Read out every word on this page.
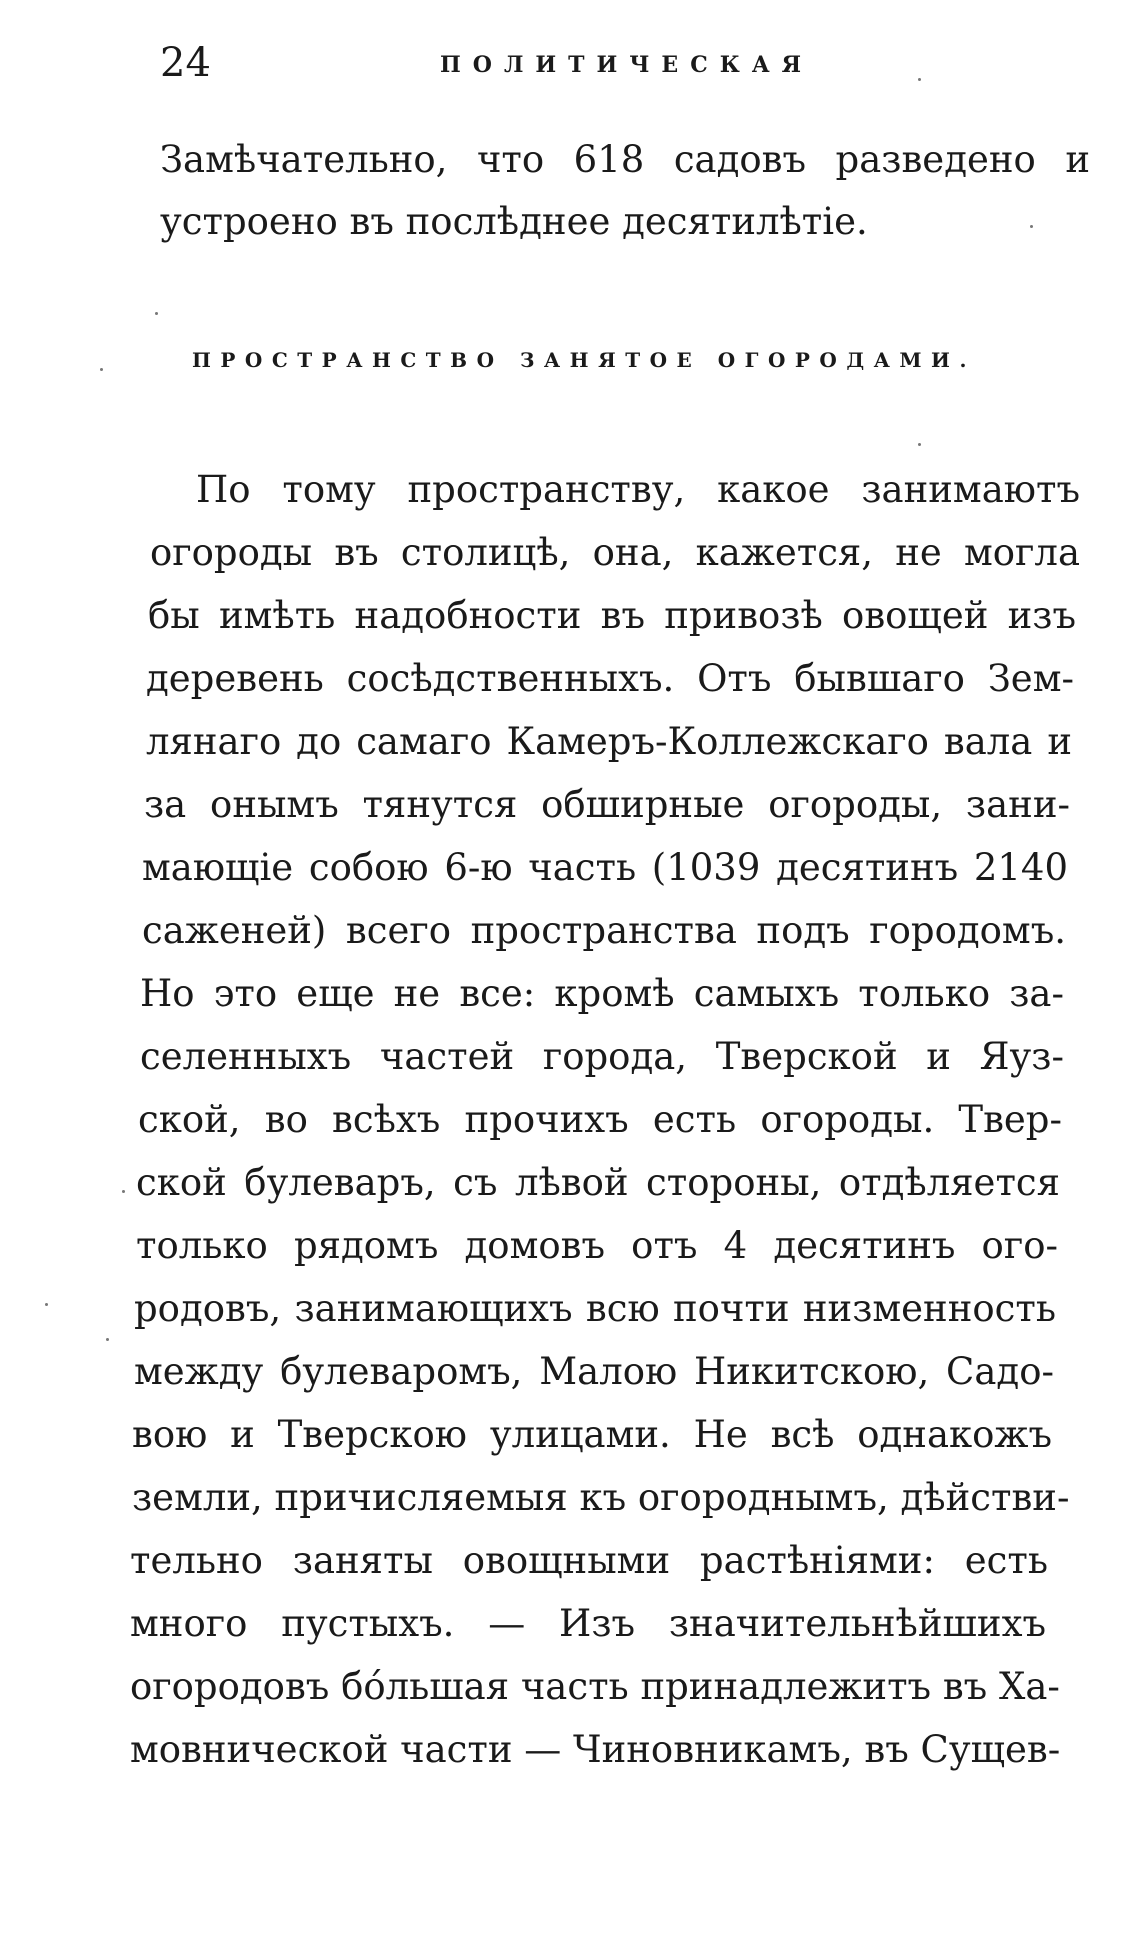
24	ПОЛИТИЧЕСКАЯ
Замѣчательно, что 618 садовъ разведено и
устроено въ послѣднее десятилѣтіе.
ПРОСТРАНСТВО ЗАНЯТОЕ ОГОРОДАМИ.
По тому пространству, какое занимаютъ
огороды въ столицѣ, она, кажется, не могла
бы имѣть надобности въ привозѣ овощей изъ
деревень сосѣдственныхъ. Отъ бывшаго Зем-
лянаго до самаго Камеръ-Коллежскаго вала и
за онымъ тянутся обширные огороды, зани-
мающіе собою 6-ю часть (1039 десятинъ 2140
саженей) всего пространства подъ городомъ.
Но это еще не все: кромѣ самыхъ только за-
селенныхъ частей города, Тверской и Яуз-
ской, во всѣхъ прочихъ есть огороды. Твер-
ской булеваръ, съ лѣвой стороны, отдѣляется
только рядомъ домовъ отъ 4 десятинъ ого-
родовъ, занимающихъ всю почти низменность
между булеваромъ, Малою Никитскою, Садо-
вою и Тверскою улицами. Не всѣ однакожъ
земли, причисляемыя къ огороднымъ, дѣйстви-
тельно заняты овощными растѣніями: есть
много пустыхъ. — Изъ значительнѣйшихъ
огородовъ бо́льшая часть принадлежитъ въ Ха-
мовнической части — Чиновникамъ, въ Сущев-
